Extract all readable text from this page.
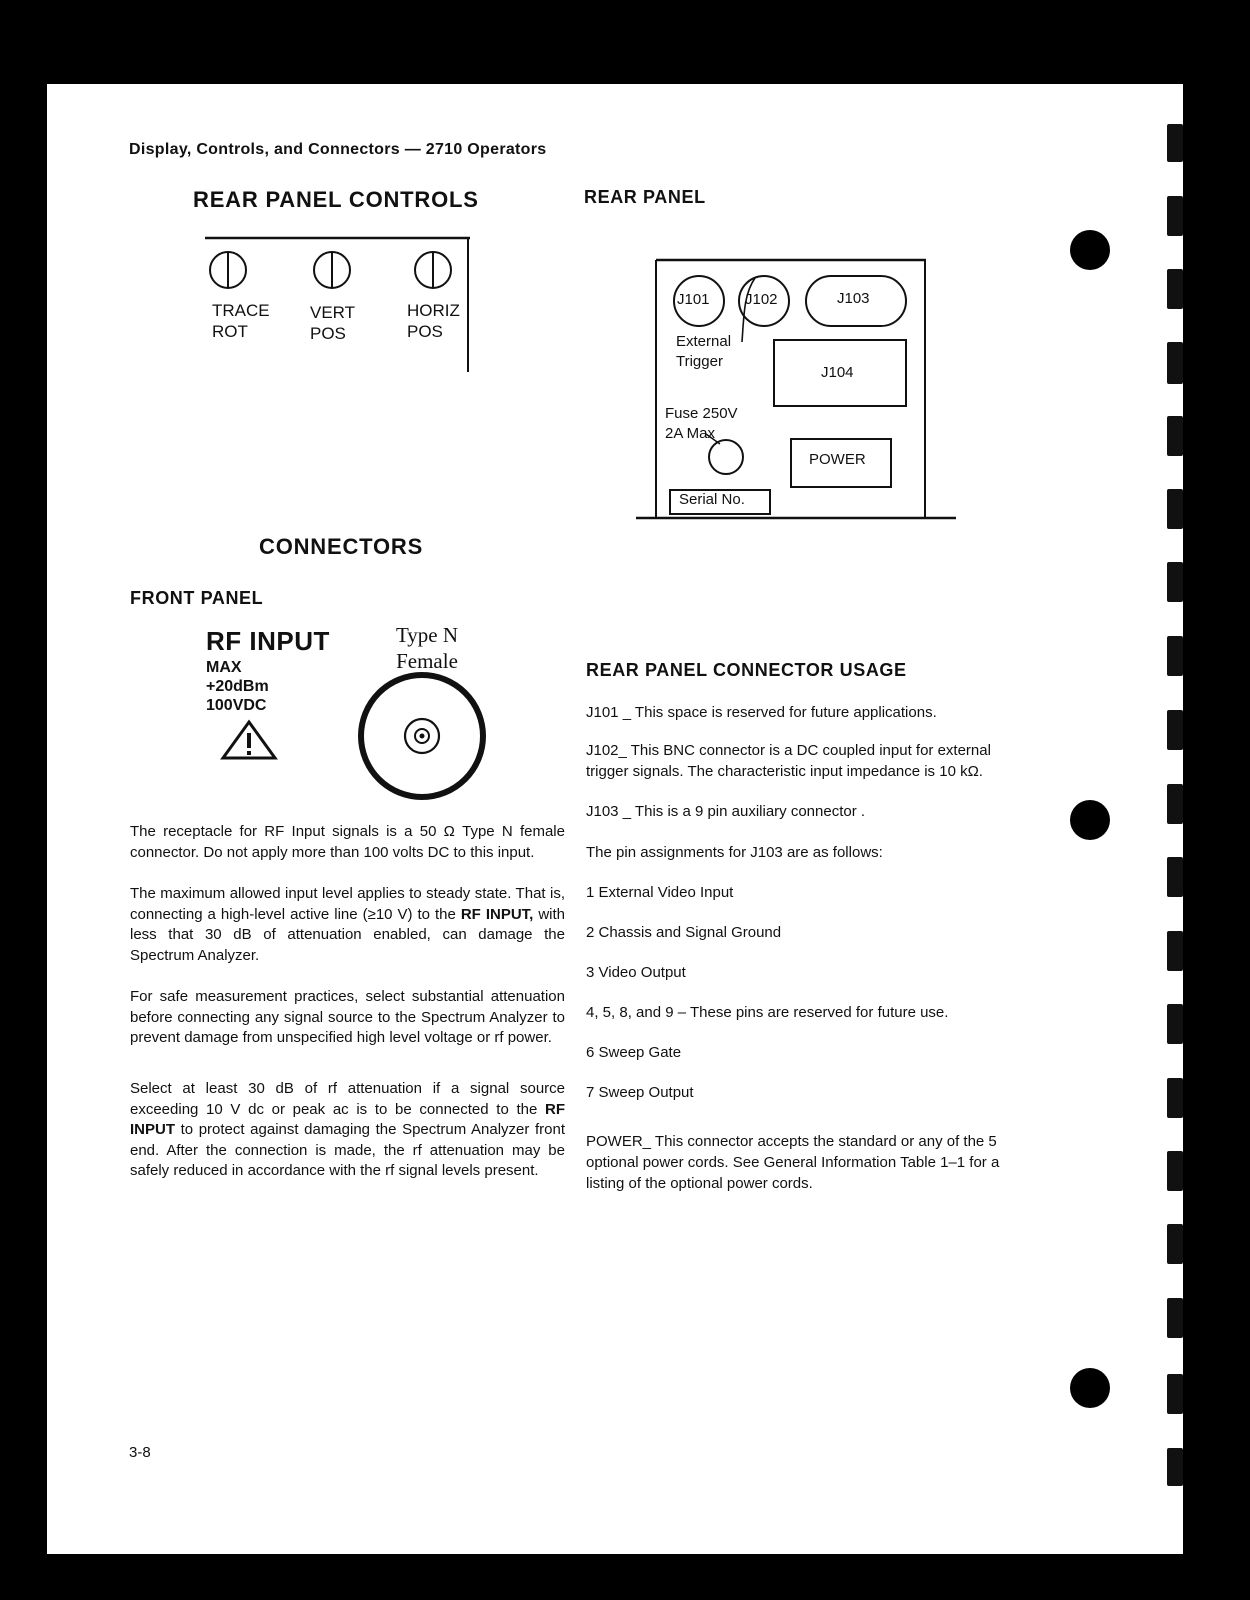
Display, Controls, and Connectors — 2710 Operators
REAR PANEL CONTROLS
TRACE
ROT
VERT
POS
HORIZ
POS
REAR PANEL
J101 J102	J103
External
Trigger
J104
Fuse 250V
2A Max
POWER
Serial No.
CONNECTORS
FRONT PANEL
RF INPUT
MAX
+20dBm
100VDC
Type N
Female
The receptacle for RF Input signals is a 50 Ω Type N female connector. Do not apply more than 100 volts DC to this input.
The maximum allowed input level applies to steady state. That is, connecting a high-level active line (≥10 V) to the RF INPUT, with less that 30 dB of attenuation enabled, can damage the Spectrum Analyzer.
For safe measurement practices, select substantial attenuation before connecting any signal source to the Spectrum Analyzer to prevent damage from unspecified high level voltage or rf power.
Select at least 30 dB of rf attenuation if a signal source exceeding 10 V dc or peak ac is to be connected to the RF INPUT to protect against damaging the Spectrum Analyzer front end. After the connection is made, the rf attenuation may be safely reduced in accordance with the rf signal levels present.
REAR PANEL CONNECTOR USAGE
J101 _ This space is reserved for future applications.
J102_ This BNC connector is a DC coupled input for external trigger signals. The characteristic input impedance is 10 kΩ.
J103 _ This is a 9 pin auxiliary connector .
The pin assignments for J103 are as follows:
1 External Video Input
2 Chassis and Signal Ground
3 Video Output
4, 5, 8, and 9 – These pins are reserved for future use.
6 Sweep Gate
7 Sweep Output
POWER_ This connector accepts the standard or any of the 5 optional power cords. See General Information Table 1–1 for a listing of the optional power cords.
3-8
